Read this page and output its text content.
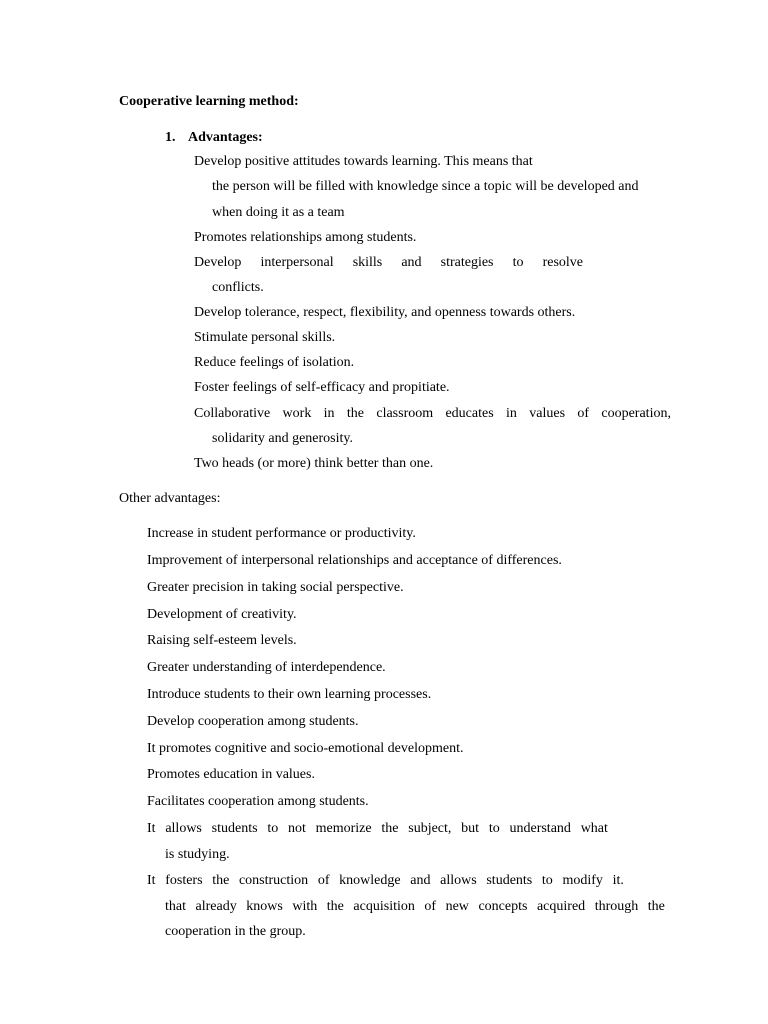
Cooperative learning method:
1. Advantages:
Develop positive attitudes towards learning. This means that
the person will be filled with knowledge since a topic will be developed and
when doing it as a team
Promotes relationships among students.
Develop interpersonal skills and strategies to resolve
conflicts.
Develop tolerance, respect, flexibility, and openness towards others.
Stimulate personal skills.
Reduce feelings of isolation.
Foster feelings of self-efficacy and propitiate.
Collaborative work in the classroom educates in values of cooperation,
solidarity and generosity.
Two heads (or more) think better than one.
Other advantages:
Increase in student performance or productivity.
Improvement of interpersonal relationships and acceptance of differences.
Greater precision in taking social perspective.
Development of creativity.
Raising self-esteem levels.
Greater understanding of interdependence.
Introduce students to their own learning processes.
Develop cooperation among students.
It promotes cognitive and socio-emotional development.
Promotes education in values.
Facilitates cooperation among students.
It allows students to not memorize the subject, but to understand what
is studying.
It fosters the construction of knowledge and allows students to modify it.
that already knows with the acquisition of new concepts acquired through the
cooperation in the group.
